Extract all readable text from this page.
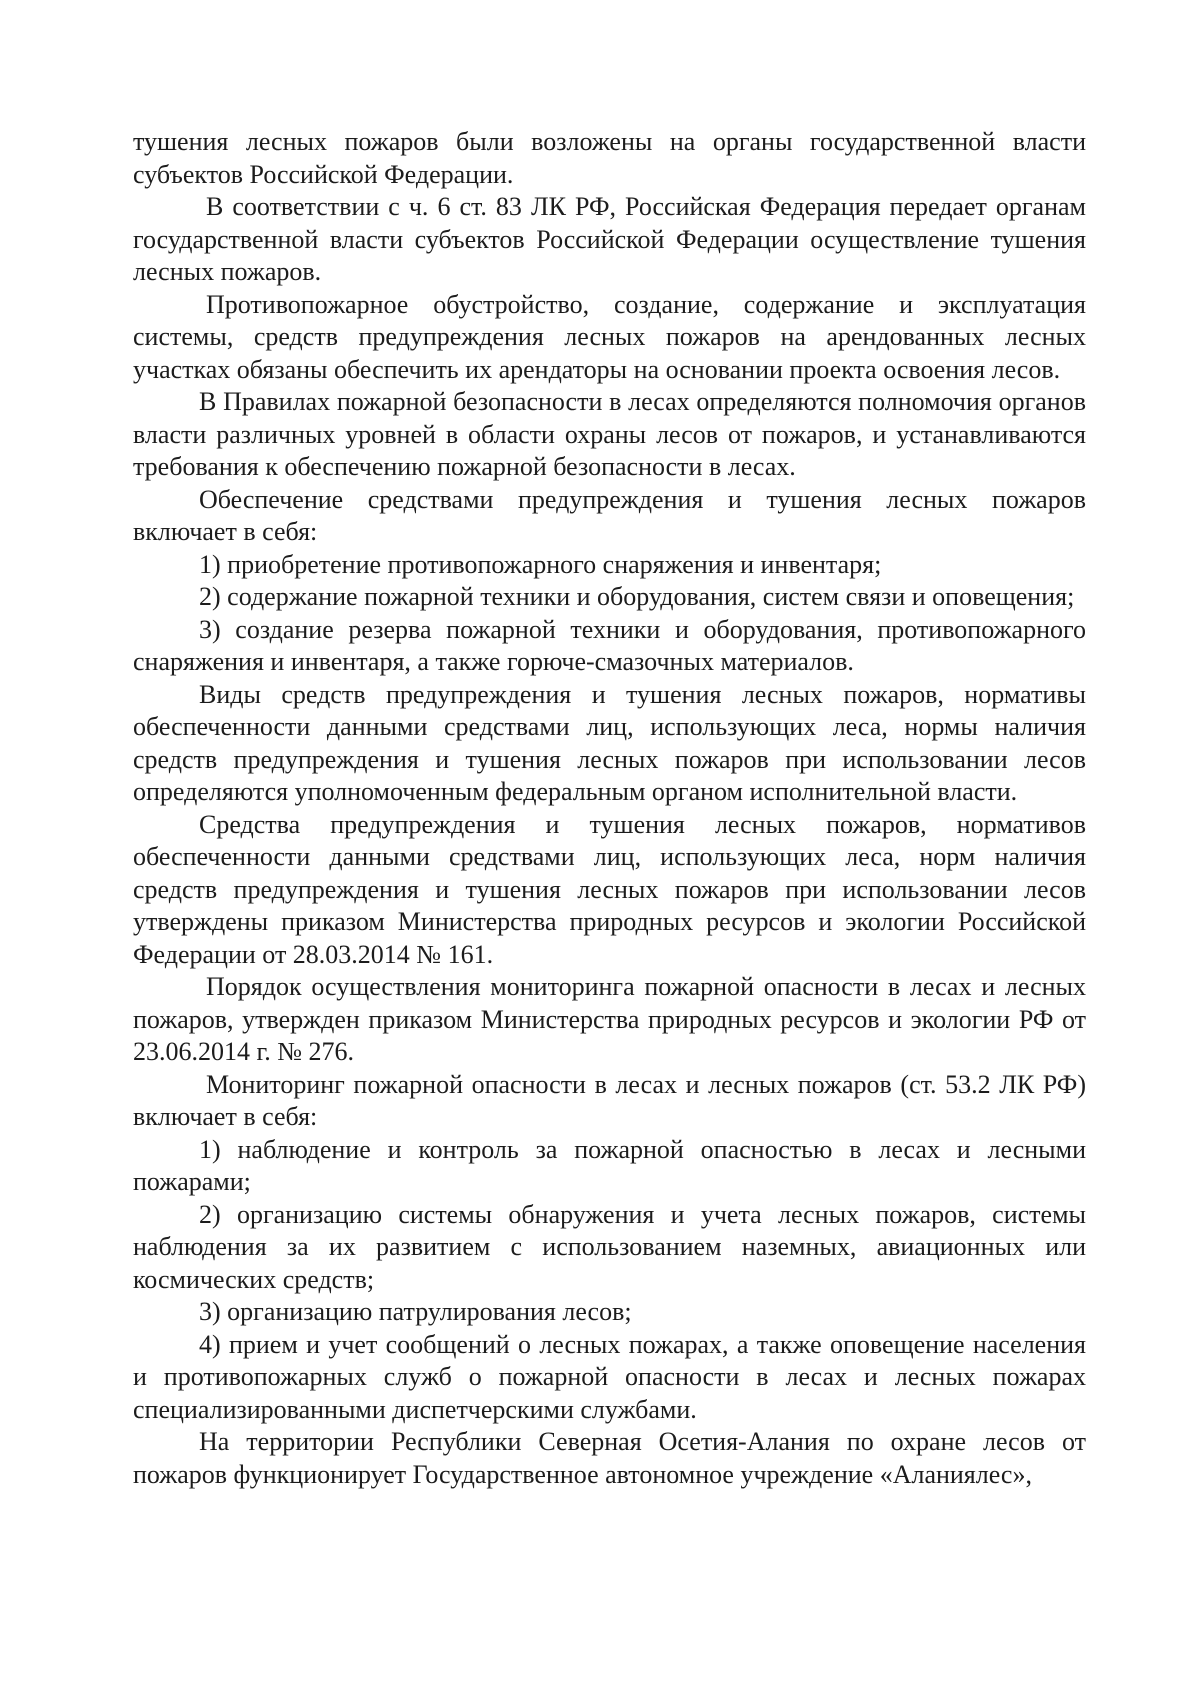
тушения лесных пожаров были возложены на органы государственной власти субъектов Российской Федерации.

В соответствии с ч. 6 ст. 83 ЛК РФ, Российская Федерация передает органам государственной власти субъектов Российской Федерации осуществление тушения лесных пожаров.

Противопожарное обустройство, создание, содержание и эксплуатация системы, средств предупреждения лесных пожаров на арендованных лесных участках обязаны обеспечить их арендаторы на основании проекта освоения лесов.

В Правилах пожарной безопасности в лесах определяются полномочия органов власти различных уровней в области охраны лесов от пожаров, и устанавливаются требования к обеспечению пожарной безопасности в лесах.

Обеспечение средствами предупреждения и тушения лесных пожаров включает в себя:

1) приобретение противопожарного снаряжения и инвентаря;

2) содержание пожарной техники и оборудования, систем связи и оповещения;

3) создание резерва пожарной техники и оборудования, противопожарного снаряжения и инвентаря, а также горюче-смазочных материалов.

Виды средств предупреждения и тушения лесных пожаров, нормативы обеспеченности данными средствами лиц, использующих леса, нормы наличия средств предупреждения и тушения лесных пожаров при использовании лесов определяются уполномоченным федеральным органом исполнительной власти.

Средства предупреждения и тушения лесных пожаров, нормативов обеспеченности данными средствами лиц, использующих леса, норм наличия средств предупреждения и тушения лесных пожаров при использовании лесов утверждены приказом Министерства природных ресурсов и экологии Российской Федерации от 28.03.2014 № 161.

Порядок осуществления мониторинга пожарной опасности в лесах и лесных пожаров, утвержден приказом Министерства природных ресурсов и экологии РФ от 23.06.2014 г. № 276.

Мониторинг пожарной опасности в лесах и лесных пожаров (ст. 53.2 ЛК РФ) включает в себя:

1) наблюдение и контроль за пожарной опасностью в лесах и лесными пожарами;

2) организацию системы обнаружения и учета лесных пожаров, системы наблюдения за их развитием с использованием наземных, авиационных или космических средств;

3) организацию патрулирования лесов;

4) прием и учет сообщений о лесных пожарах, а также оповещение населения и противопожарных служб о пожарной опасности в лесах и лесных пожарах специализированными диспетчерскими службами.

На территории Республики Северная Осетия-Алания по охране лесов от пожаров функционирует Государственное автономное учреждение «Аланиялес»,
